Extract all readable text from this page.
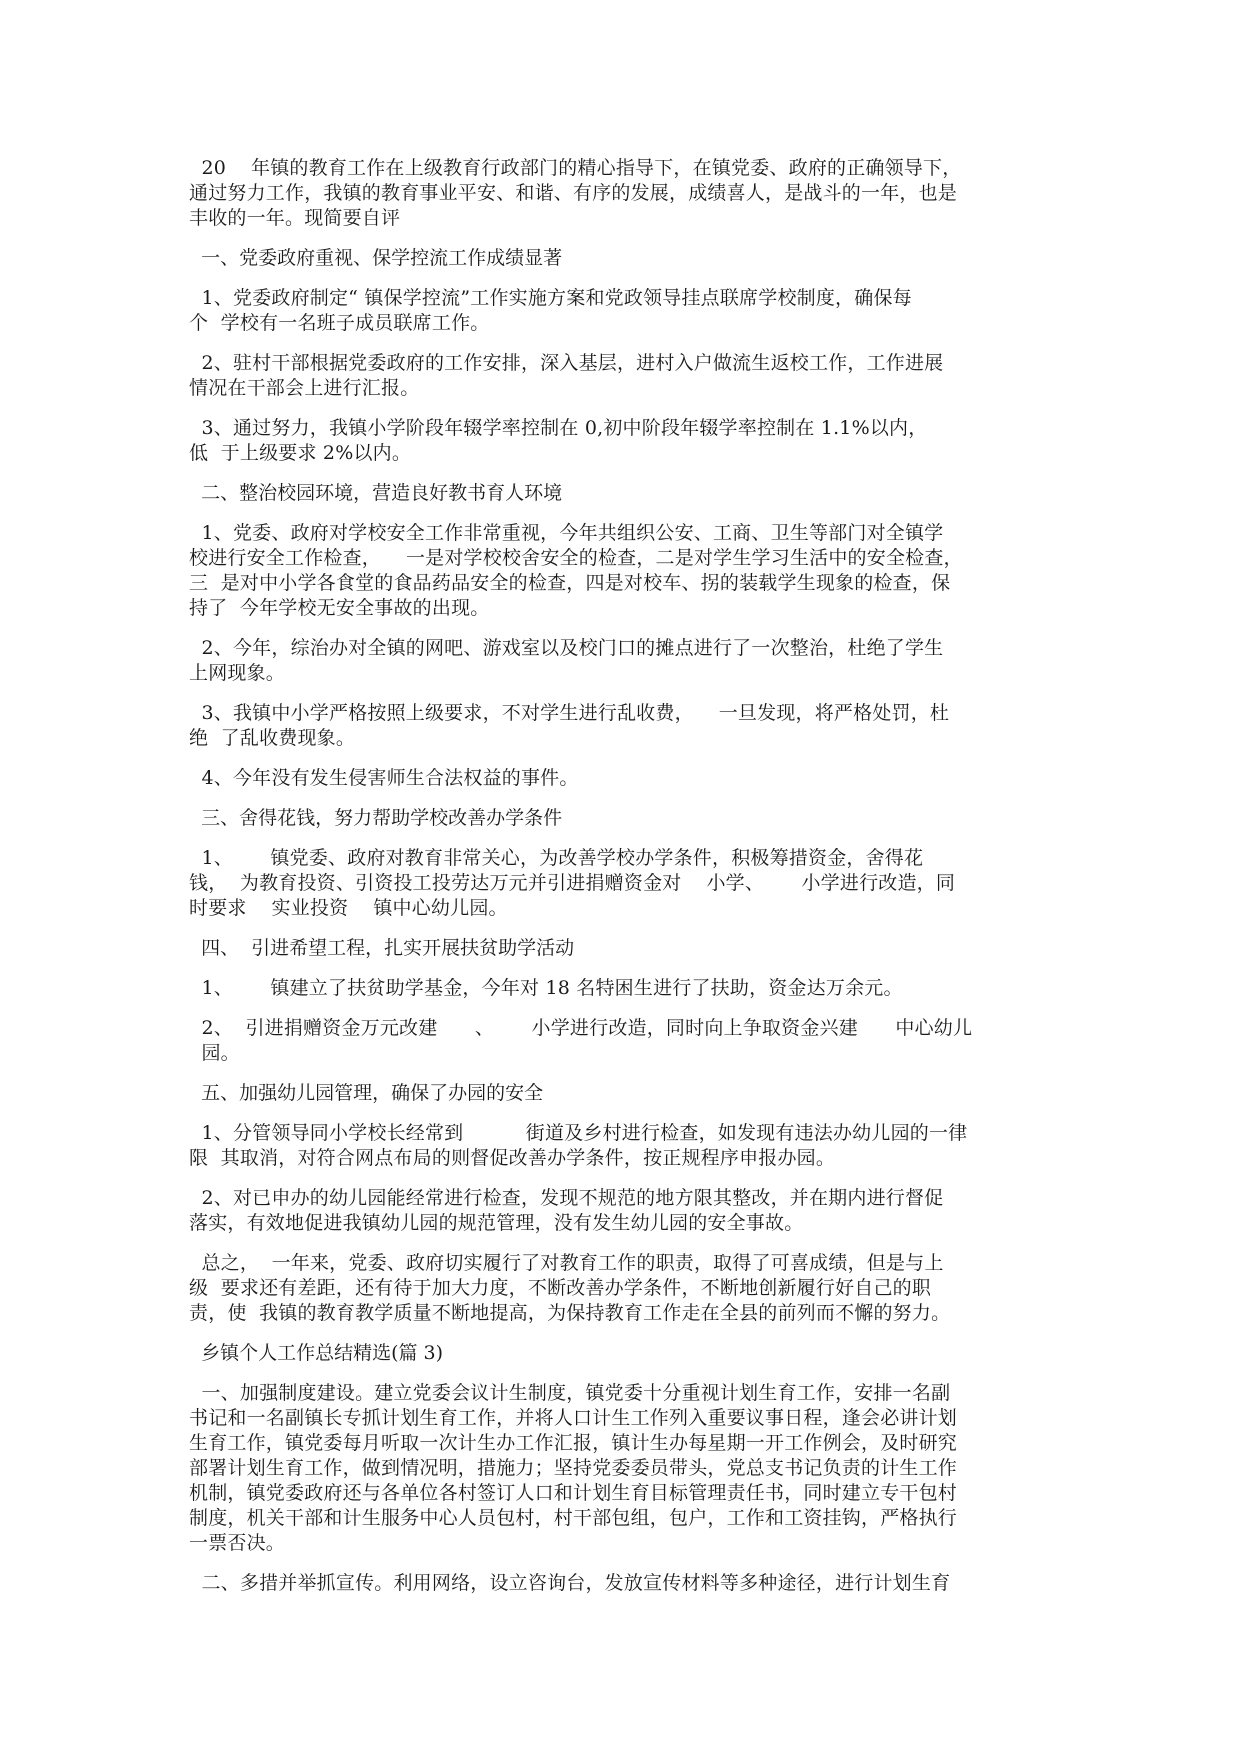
20    年镇的教育工作在上级教育行政部门的精心指导下，在镇党委、政府的正确领导下，
通过努力工作，我镇的教育事业平安、和谐、有序的发展，成绩喜人，是战斗的一年，也是
丰收的一年。现简要自评
一、党委政府重视、保学控流工作成绩显著
1、党委政府制定“ 镇保学控流”工作实施方案和党政领导挂点联席学校制度，确保每
个  学校有一名班子成员联席工作。
2、驻村干部根据党委政府的工作安排，深入基层，进村入户做流生返校工作，工作进展
情况在干部会上进行汇报。
3、通过努力，我镇小学阶段年辍学率控制在 0,初中阶段年辍学率控制在 1.1%以内，
低  于上级要求 2%以内。
二、整治校园环境，营造良好教书育人环境
1、党委、政府对学校安全工作非常重视，今年共组织公安、工商、卫生等部门对全镇学
校进行安全工作检查，    一是对学校校舍安全的检查，二是对学生学习生活中的安全检查，
三  是对中小学各食堂的食品药品安全的检查，四是对校车、拐的装载学生现象的检查，保
持了  今年学校无安全事故的出现。
2、今年，综治办对全镇的网吧、游戏室以及校门口的摊点进行了一次整治，杜绝了学生
上网现象。
3、我镇中小学严格按照上级要求，不对学生进行乱收费，    一旦发现，将严格处罚，杜
绝  了乱收费现象。
4、今年没有发生侵害师生合法权益的事件。
三、舍得花钱，努力帮助学校改善办学条件
1、      镇党委、政府对教育非常关心，为改善学校办学条件，积极筹措资金，舍得花
钱，  为教育投资、引资投工投劳达万元并引进捐赠资金对    小学、      小学进行改造，同
时要求    实业投资    镇中心幼儿园。
四、  引进希望工程，扎实开展扶贫助学活动
1、      镇建立了扶贫助学基金，今年对 18 名特困生进行了扶助，资金达万余元。
2、  引进捐赠资金万元改建      、      小学进行改造，同时向上争取资金兴建      中心幼儿
园。
五、加强幼儿园管理，确保了办园的安全
1、分管领导同小学校长经常到          街道及乡村进行检查，如发现有违法办幼儿园的一律
限  其取消，对符合网点布局的则督促改善办学条件，按正规程序申报办园。
2、对已申办的幼儿园能经常进行检查，发现不规范的地方限其整改，并在期内进行督促
落实，有效地促进我镇幼儿园的规范管理，没有发生幼儿园的安全事故。
总之，  一年来，党委、政府切实履行了对教育工作的职责，取得了可喜成绩，但是与上
级  要求还有差距，还有待于加大力度，不断改善办学条件，不断地创新履行好自己的职
责，使  我镇的教育教学质量不断地提高，为保持教育工作走在全县的前列而不懈的努力。
乡镇个人工作总结精选(篇 3)
一、加强制度建设。建立党委会议计生制度，镇党委十分重视计划生育工作，安排一名副
书记和一名副镇长专抓计划生育工作，并将人口计生工作列入重要议事日程，逢会必讲计划
生育工作，镇党委每月听取一次计生办工作汇报，镇计生办每星期一开工作例会，及时研究
部署计划生育工作，做到情况明，措施力；坚持党委委员带头，党总支书记负责的计生工作
机制，镇党委政府还与各单位各村签订人口和计划生育目标管理责任书，同时建立专干包村
制度，机关干部和计生服务中心人员包村，村干部包组，包户，工作和工资挂钩，严格执行
一票否决。
二、多措并举抓宣传。利用网络，设立咨询台，发放宣传材料等多种途径，进行计划生育
